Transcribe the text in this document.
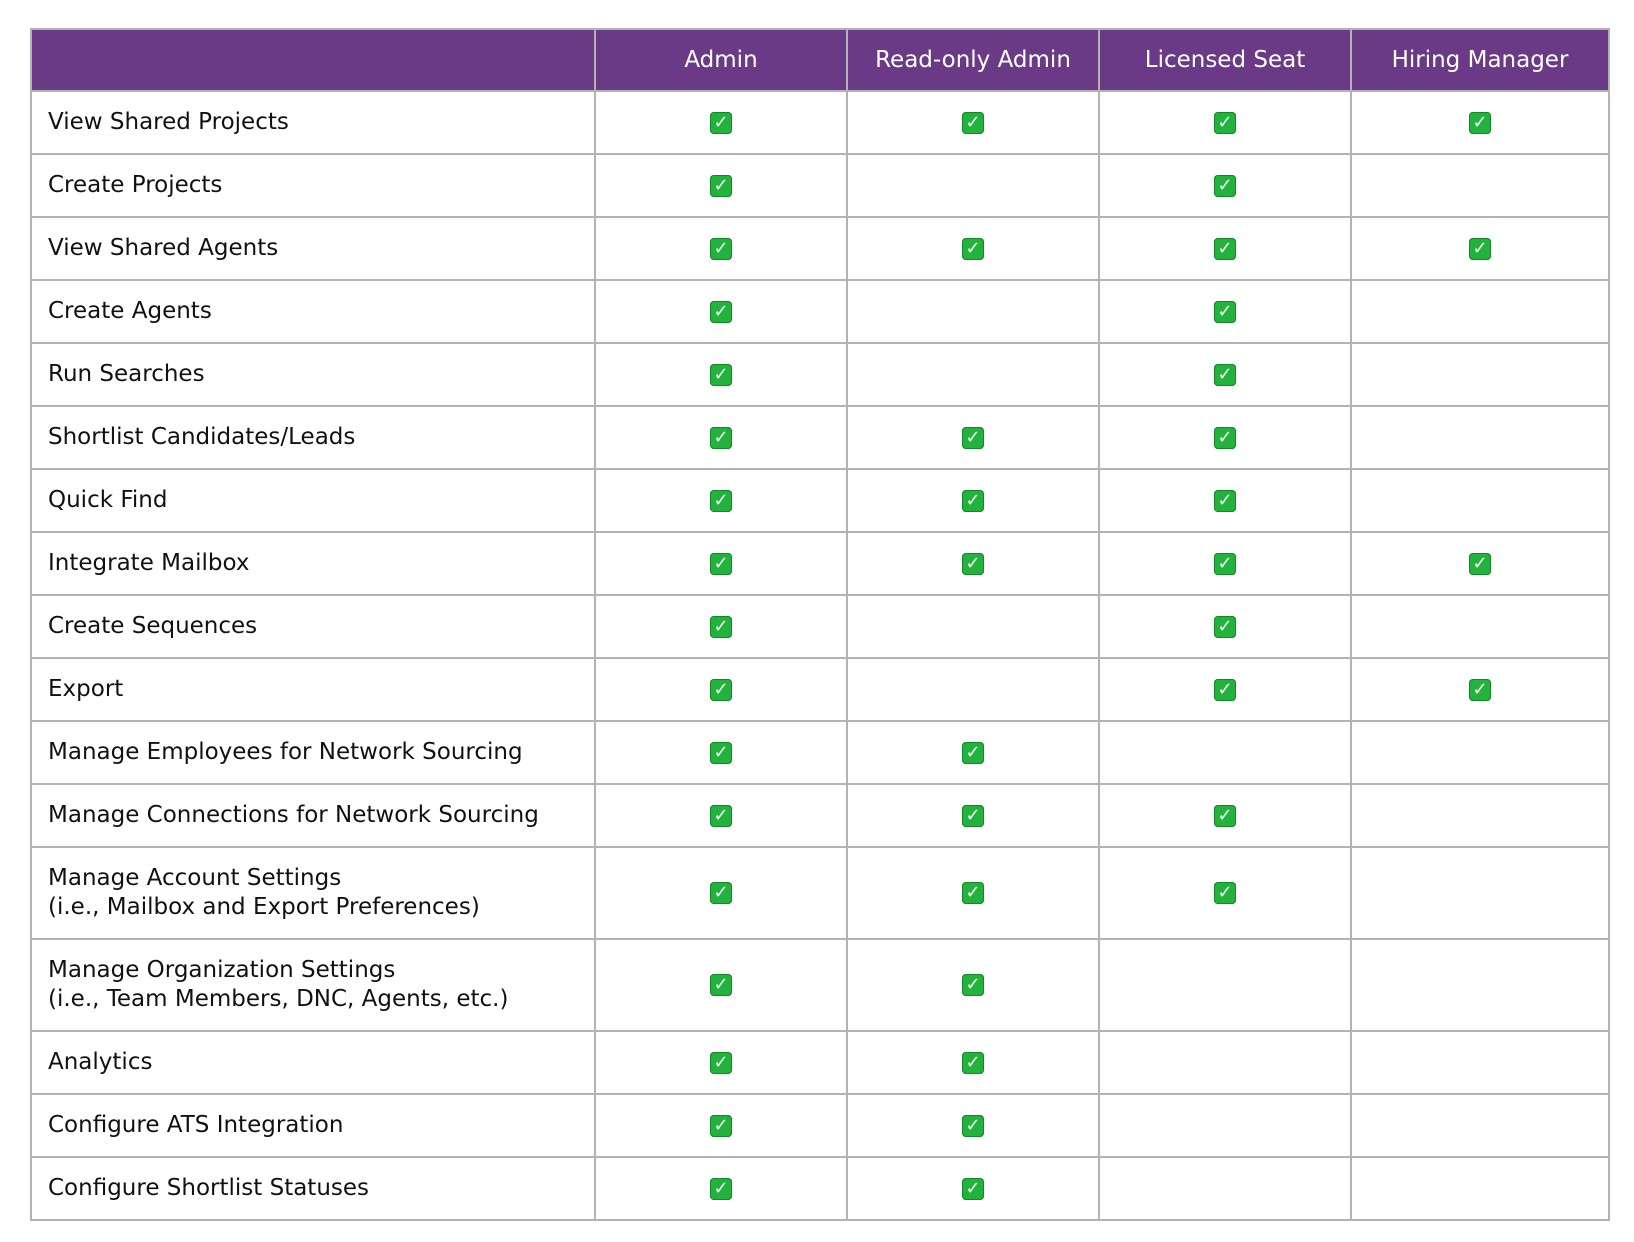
	Admin	Read-only Admin	Licensed Seat	Hiring Manager

View Shared Projects	✓	✓	✓	✓

Create Projects	✓		✓	

View Shared Agents	✓	✓	✓	✓

Create Agents	✓		✓	

Run Searches	✓		✓	

Shortlist Candidates/Leads	✓	✓	✓	

Quick Find	✓	✓	✓	

Integrate Mailbox	✓	✓	✓	✓

Create Sequences	✓		✓	

Export	✓		✓	✓

Manage Employees for Network Sourcing	✓	✓		

Manage Connections for Network Sourcing	✓	✓	✓	

Manage Account Settings
(i.e., Mailbox and Export Preferences)	✓	✓	✓	

Manage Organization Settings
(i.e., Team Members, DNC, Agents, etc.)	✓	✓		

Analytics	✓	✓		

Configure ATS Integration	✓	✓		

Configure Shortlist Statuses	✓	✓		
